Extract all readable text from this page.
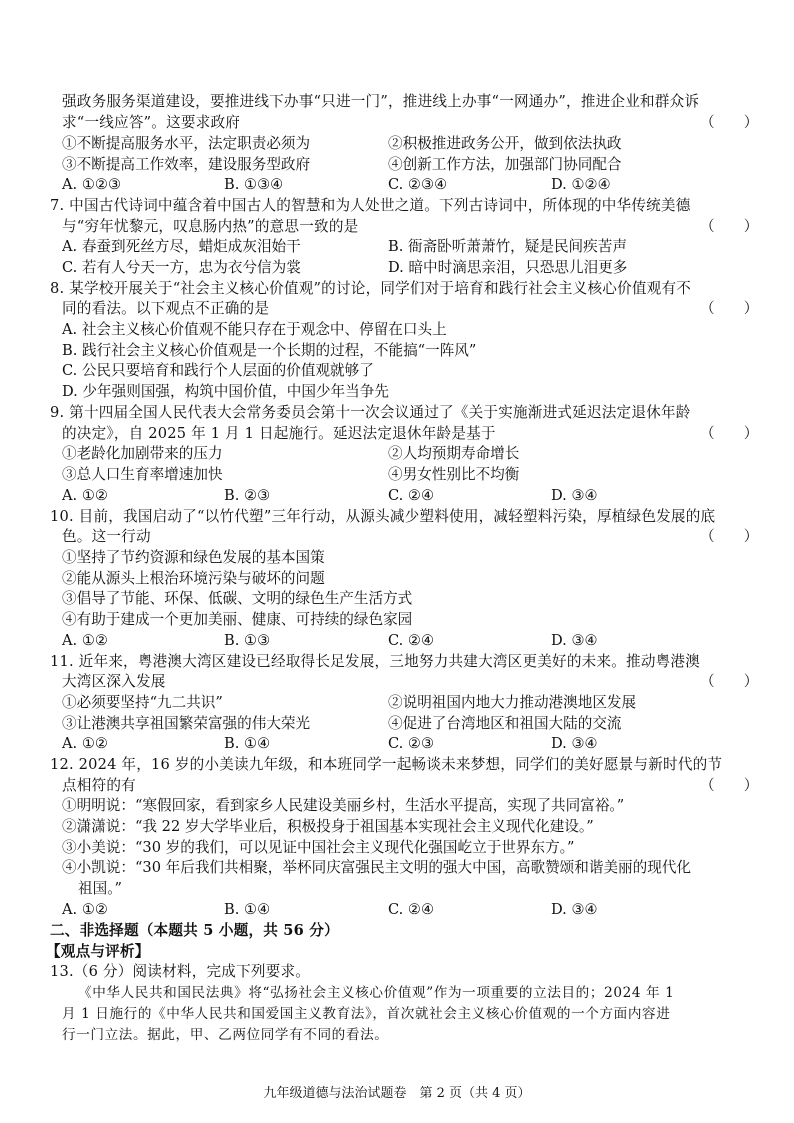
强政务服务渠道建设，要推进线下办事“只进一门”，推进线上办事“一网通办”，推进企业和群众诉
求“一线应答”。这要求政府	（　　）
①不断提高服务水平，法定职责必须为	②积极推进政务公开，做到依法执政
③不断提高工作效率，建设服务型政府	④创新工作方法，加强部门协同配合
A. ①②③	B. ①③④	C. ②③④	D. ①②④
7. 中国古代诗词中蕴含着中国古人的智慧和为人处世之道。下列古诗词中，所体现的中华传统美德
与“穷年忧黎元，叹息肠内热”的意思一致的是	（　　）
A. 春蚕到死丝方尽，蜡炬成灰泪始干	B. 衙斋卧听萧萧竹，疑是民间疾苦声
C. 若有人兮天一方，忠为衣兮信为裳	D. 暗中时滴思亲泪，只恐思儿泪更多
8. 某学校开展关于“社会主义核心价值观”的讨论，同学们对于培育和践行社会主义核心价值观有不
同的看法。以下观点不正确的是	（　　）
A. 社会主义核心价值观不能只存在于观念中、停留在口头上
B. 践行社会主义核心价值观是一个长期的过程，不能搞“一阵风”
C. 公民只要培育和践行个人层面的价值观就够了
D. 少年强则国强，构筑中国价值，中国少年当争先
9. 第十四届全国人民代表大会常务委员会第十一次会议通过了《关于实施渐进式延迟法定退休年龄
的决定》，自 2025 年 1 月 1 日起施行。延迟法定退休年龄是基于	（　　）
①老龄化加剧带来的压力	②人均预期寿命增长
③总人口生育率增速加快	④男女性别比不均衡
A. ①②	B. ②③	C. ②④	D. ③④
10. 目前，我国启动了“以竹代塑”三年行动，从源头减少塑料使用，减轻塑料污染，厚植绿色发展的底
色。这一行动	（　　）
①坚持了节约资源和绿色发展的基本国策
②能从源头上根治环境污染与破坏的问题
③倡导了节能、环保、低碳、文明的绿色生产生活方式
④有助于建成一个更加美丽、健康、可持续的绿色家园
A. ①②	B. ①③	C. ②④	D. ③④
11. 近年来，粤港澳大湾区建设已经取得长足发展，三地努力共建大湾区更美好的未来。推动粤港澳
大湾区深入发展	（　　）
①必须要坚持“九二共识”	②说明祖国内地大力推动港澳地区发展
③让港澳共享祖国繁荣富强的伟大荣光	④促进了台湾地区和祖国大陆的交流
A. ①②	B. ①④	C. ②③	D. ③④
12. 2024 年，16 岁的小美读九年级，和本班同学一起畅谈未来梦想，同学们的美好愿景与新时代的节
点相符的有	（　　）
①明明说：“寒假回家，看到家乡人民建设美丽乡村，生活水平提高，实现了共同富裕。”
②潇潇说：“我 22 岁大学毕业后，积极投身于祖国基本实现社会主义现代化建设。”
③小美说：“30 岁的我们，可以见证中国社会主义现代化强国屹立于世界东方。”
④小凯说：“30 年后我们共相聚，举杯同庆富强民主文明的强大中国，高歌赞颂和谐美丽的现代化
祖国。”
A. ①②	B. ①④	C. ②④	D. ③④
二、非选择题（本题共 5 小题，共 56 分）
【观点与评析】
13.（6 分）阅读材料，完成下列要求。
《中华人民共和国民法典》将“弘扬社会主义核心价值观”作为一项重要的立法目的；2024 年 1
月 1 日施行的《中华人民共和国爱国主义教育法》，首次就社会主义核心价值观的一个方面内容进
行一门立法。据此，甲、乙两位同学有不同的看法。
九年级道德与法治试题卷　第 2 页（共 4 页）
